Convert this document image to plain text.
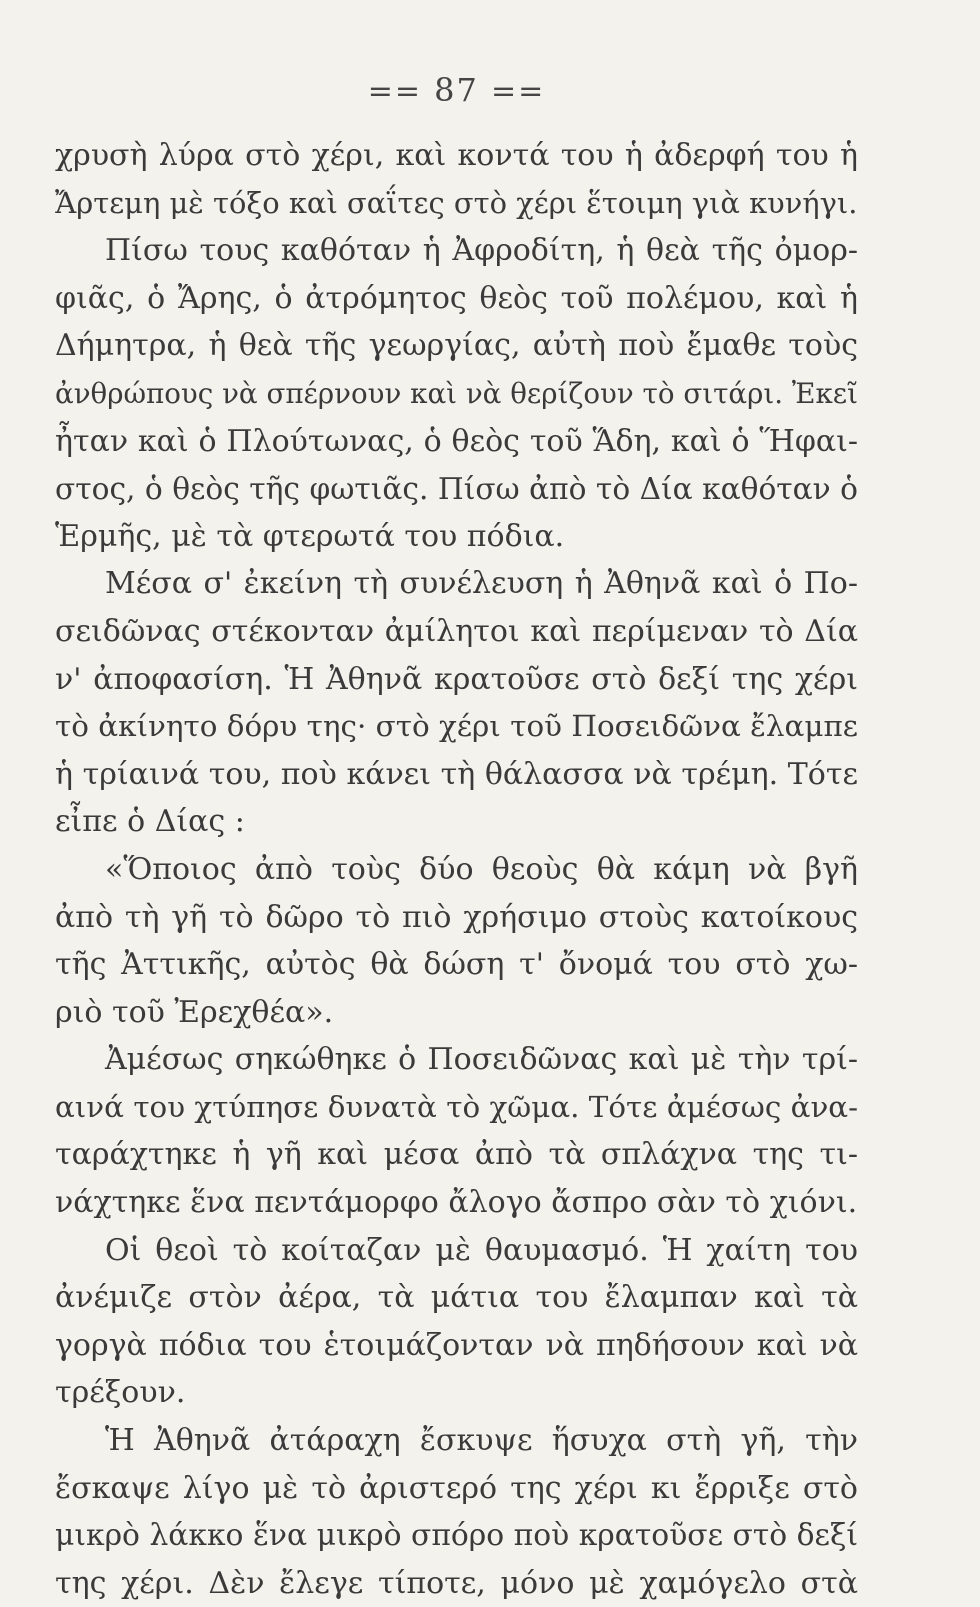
== 87 ==
χρυσὴ λύρα στὸ χέρι, καὶ κοντά του ἡ ἀδερφή του ἡ
Ἄρτεμη μὲ τόξο καὶ σαΐτες στὸ χέρι ἕτοιμη γιὰ κυνήγι.
Πίσω τους καθόταν ἡ Ἀφροδίτη, ἡ θεὰ τῆς ὀμορ-
φιᾶς, ὁ Ἄρης, ὁ ἀτρόμητος θεὸς τοῦ πολέμου, καὶ ἡ
Δήμητρα, ἡ θεὰ τῆς γεωργίας, αὐτὴ ποὺ ἔμαθε τοὺς
ἀνθρώπους νὰ σπέρνουν καὶ νὰ θερίζουν τὸ σιτάρι. Ἐκεῖ
ἦταν καὶ ὁ Πλούτωνας, ὁ θεὸς τοῦ Ἅδη, καὶ ὁ Ἥφαι-
στος, ὁ θεὸς τῆς φωτιᾶς. Πίσω ἀπὸ τὸ Δία καθόταν ὁ
Ἑρμῆς, μὲ τὰ φτερωτά του πόδια.
Μέσα σ' ἐκείνη τὴ συνέλευση ἡ Ἀθηνᾶ καὶ ὁ Πο-
σειδῶνας στέκονταν ἀμίλητοι καὶ περίμεναν τὸ Δία
ν' ἀποφασίση. Ἡ Ἀθηνᾶ κρατοῦσε στὸ δεξί της χέρι
τὸ ἀκίνητο δόρυ της· στὸ χέρι τοῦ Ποσειδῶνα ἔλαμπε
ἡ τρίαινά του, ποὺ κάνει τὴ θάλασσα νὰ τρέμη. Τότε
εἶπε ὁ Δίας :
«Ὅποιος ἀπὸ τοὺς δύο θεοὺς θὰ κάμη νὰ βγῆ
ἀπὸ τὴ γῆ τὸ δῶρο τὸ πιὸ χρήσιμο στοὺς κατοίκους
τῆς Ἀττικῆς, αὐτὸς θὰ δώση τ' ὄνομά του στὸ χω-
ριὸ τοῦ Ἐρεχθέα».
Ἀμέσως σηκώθηκε ὁ Ποσειδῶνας καὶ μὲ τὴν τρί-
αινά του χτύπησε δυνατὰ τὸ χῶμα. Τότε ἀμέσως ἀνα-
ταράχτηκε ἡ γῆ καὶ μέσα ἀπὸ τὰ σπλάχνα της τι-
νάχτηκε ἕνα πεντάμορφο ἄλογο ἄσπρο σὰν τὸ χιόνι.
Οἱ θεοὶ τὸ κοίταζαν μὲ θαυμασμό. Ἡ χαίτη του
ἀνέμιζε στὸν ἀέρα, τὰ μάτια του ἔλαμπαν καὶ τὰ
γοργὰ πόδια του ἑτοιμάζονταν νὰ πηδήσουν καὶ νὰ
τρέξουν.
Ἡ Ἀθηνᾶ ἀτάραχη ἔσκυψε ἥσυχα στὴ γῆ, τὴν
ἔσκαψε λίγο μὲ τὸ ἀριστερό της χέρι κι ἔρριξε στὸ
μικρὸ λάκκο ἕνα μικρὸ σπόρο ποὺ κρατοῦσε στὸ δεξί
της χέρι. Δὲν ἔλεγε τίποτε, μόνο μὲ χαμόγελο στὰ
